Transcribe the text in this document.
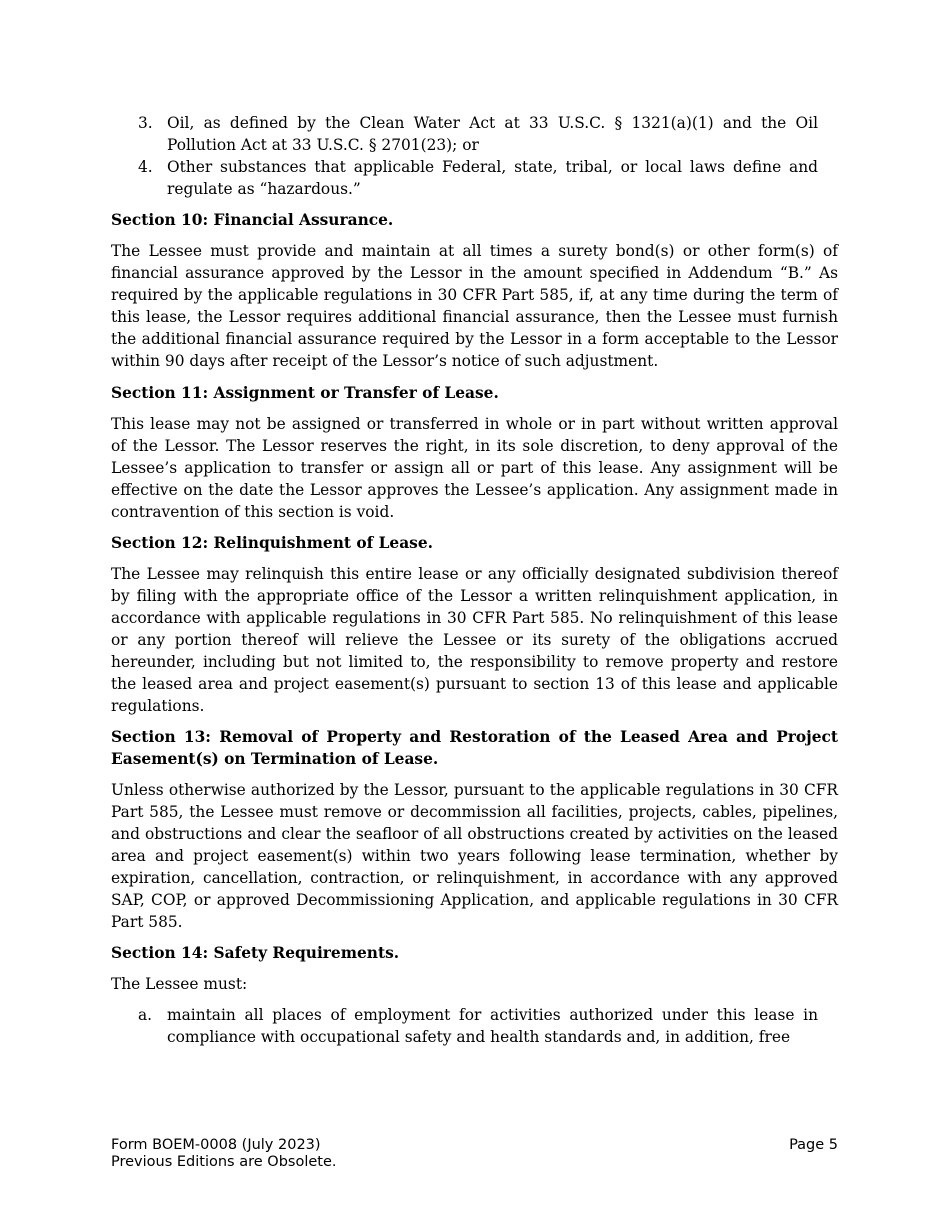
3. Oil, as defined by the Clean Water Act at 33 U.S.C. § 1321(a)(1) and the Oil Pollution Act at 33 U.S.C. § 2701(23); or
4. Other substances that applicable Federal, state, tribal, or local laws define and regulate as “hazardous.”
Section 10: Financial Assurance.

The Lessee must provide and maintain at all times a surety bond(s) or other form(s) of financial assurance approved by the Lessor in the amount specified in Addendum “B.” As required by the applicable regulations in 30 CFR Part 585, if, at any time during the term of this lease, the Lessor requires additional financial assurance, then the Lessee must furnish the additional financial assurance required by the Lessor in a form acceptable to the Lessor within 90 days after receipt of the Lessor’s notice of such adjustment.

Section 11: Assignment or Transfer of Lease.

This lease may not be assigned or transferred in whole or in part without written approval of the Lessor. The Lessor reserves the right, in its sole discretion, to deny approval of the Lessee’s application to transfer or assign all or part of this lease. Any assignment will be effective on the date the Lessor approves the Lessee’s application. Any assignment made in contravention of this section is void.

Section 12: Relinquishment of Lease.

The Lessee may relinquish this entire lease or any officially designated subdivision thereof by filing with the appropriate office of the Lessor a written relinquishment application, in accordance with applicable regulations in 30 CFR Part 585. No relinquishment of this lease or any portion thereof will relieve the Lessee or its surety of the obligations accrued hereunder, including but not limited to, the responsibility to remove property and restore the leased area and project easement(s) pursuant to section 13 of this lease and applicable regulations.

Section 13: Removal of Property and Restoration of the Leased Area and Project Easement(s) on Termination of Lease.

Unless otherwise authorized by the Lessor, pursuant to the applicable regulations in 30 CFR Part 585, the Lessee must remove or decommission all facilities, projects, cables, pipelines, and obstructions and clear the seafloor of all obstructions created by activities on the leased area and project easement(s) within two years following lease termination, whether by expiration, cancellation, contraction, or relinquishment, in accordance with any approved SAP, COP, or approved Decommissioning Application, and applicable regulations in 30 CFR Part 585.

Section 14: Safety Requirements.

The Lessee must:

a. maintain all places of employment for activities authorized under this lease in compliance with occupational safety and health standards and, in addition, free
Form BOEM-0008 (July 2023)
Previous Editions are Obsolete.
Page 5
